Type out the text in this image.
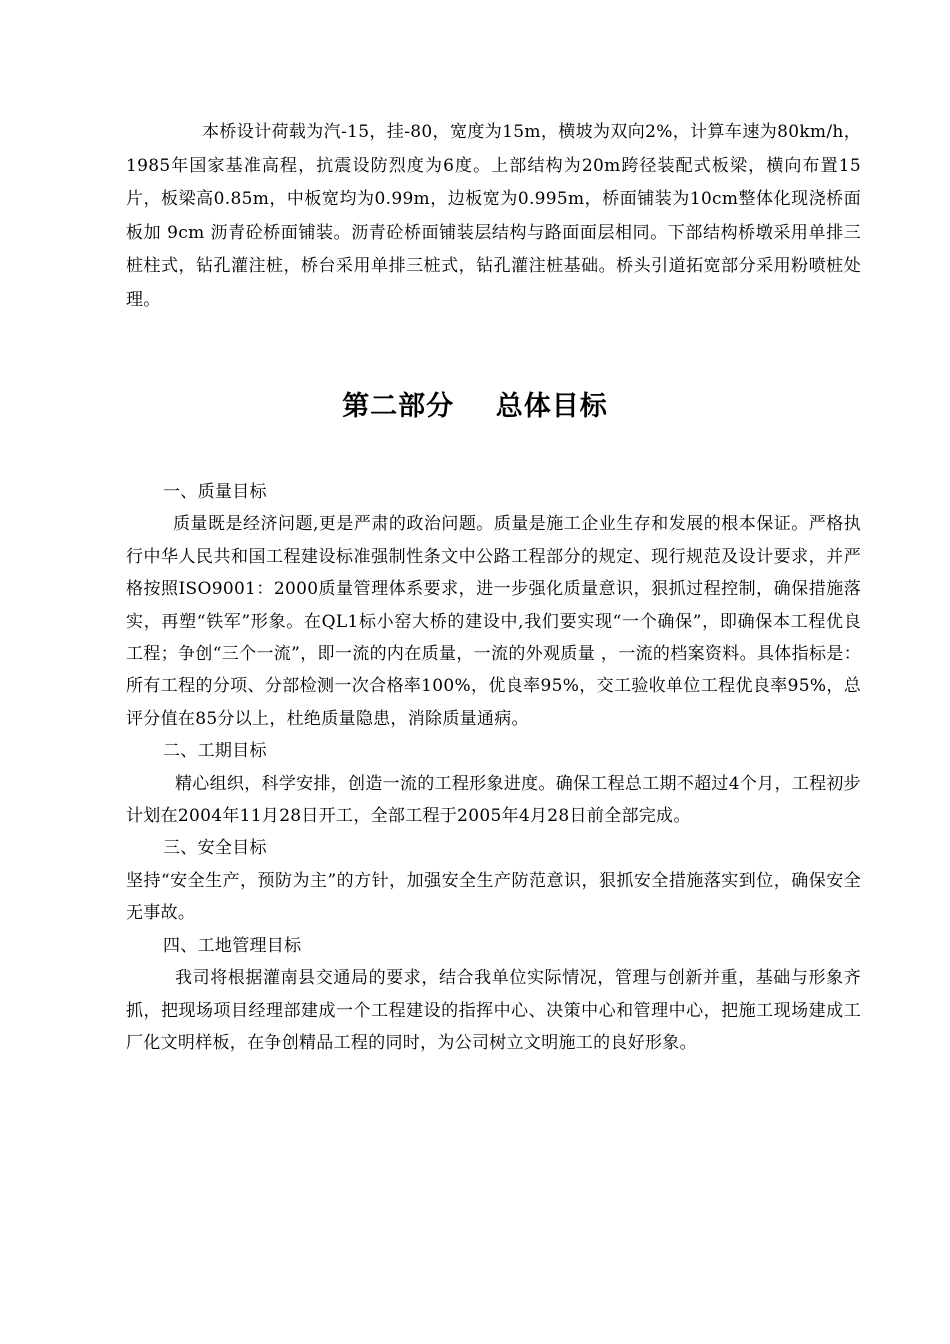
本桥设计荷载为汽-15，挂-80，宽度为15m，横坡为双向2%，计算车速为80km/h，1985年国家基准高程，抗震设防烈度为6度。上部结构为20m跨径装配式板梁，横向布置15片，板梁高0.85m，中板宽均为0.99m，边板宽为0.995m，桥面铺装为10cm整体化现浇桥面板加 9cm 沥青砼桥面铺装。沥青砼桥面铺装层结构与路面面层相同。下部结构桥墩采用单排三桩柱式，钻孔灌注桩，桥台采用单排三桩式，钻孔灌注桩基础。桥头引道拓宽部分采用粉喷桩处理。

第二部分    总体目标

一、质量目标

质量既是经济问题,更是严肃的政治问题。质量是施工企业生存和发展的根本保证。严格执行中华人民共和国工程建设标准强制性条文中公路工程部分的规定、现行规范及设计要求，并严格按照ISO9001：2000质量管理体系要求，进一步强化质量意识，狠抓过程控制，确保措施落实，再塑“铁军”形象。在QL1标小窑大桥的建设中,我们要实现“一个确保”，即确保本工程优良工程；争创“三个一流”，即一流的内在质量，一流的外观质量 ，一流的档案资料。具体指标是：所有工程的分项、分部检测一次合格率100%，优良率95%，交工验收单位工程优良率95%，总评分值在85分以上，杜绝质量隐患，消除质量通病。

二、工期目标

精心组织，科学安排，创造一流的工程形象进度。确保工程总工期不超过4个月，工程初步计划在2004年11月28日开工，全部工程于2005年4月28日前全部完成。

三、安全目标

坚持“安全生产，预防为主”的方针，加强安全生产防范意识，狠抓安全措施落实到位，确保安全无事故。

四、工地管理目标

我司将根据灌南县交通局的要求，结合我单位实际情况，管理与创新并重，基础与形象齐抓，把现场项目经理部建成一个工程建设的指挥中心、决策中心和管理中心，把施工现场建成工厂化文明样板，在争创精品工程的同时，为公司树立文明施工的良好形象。
